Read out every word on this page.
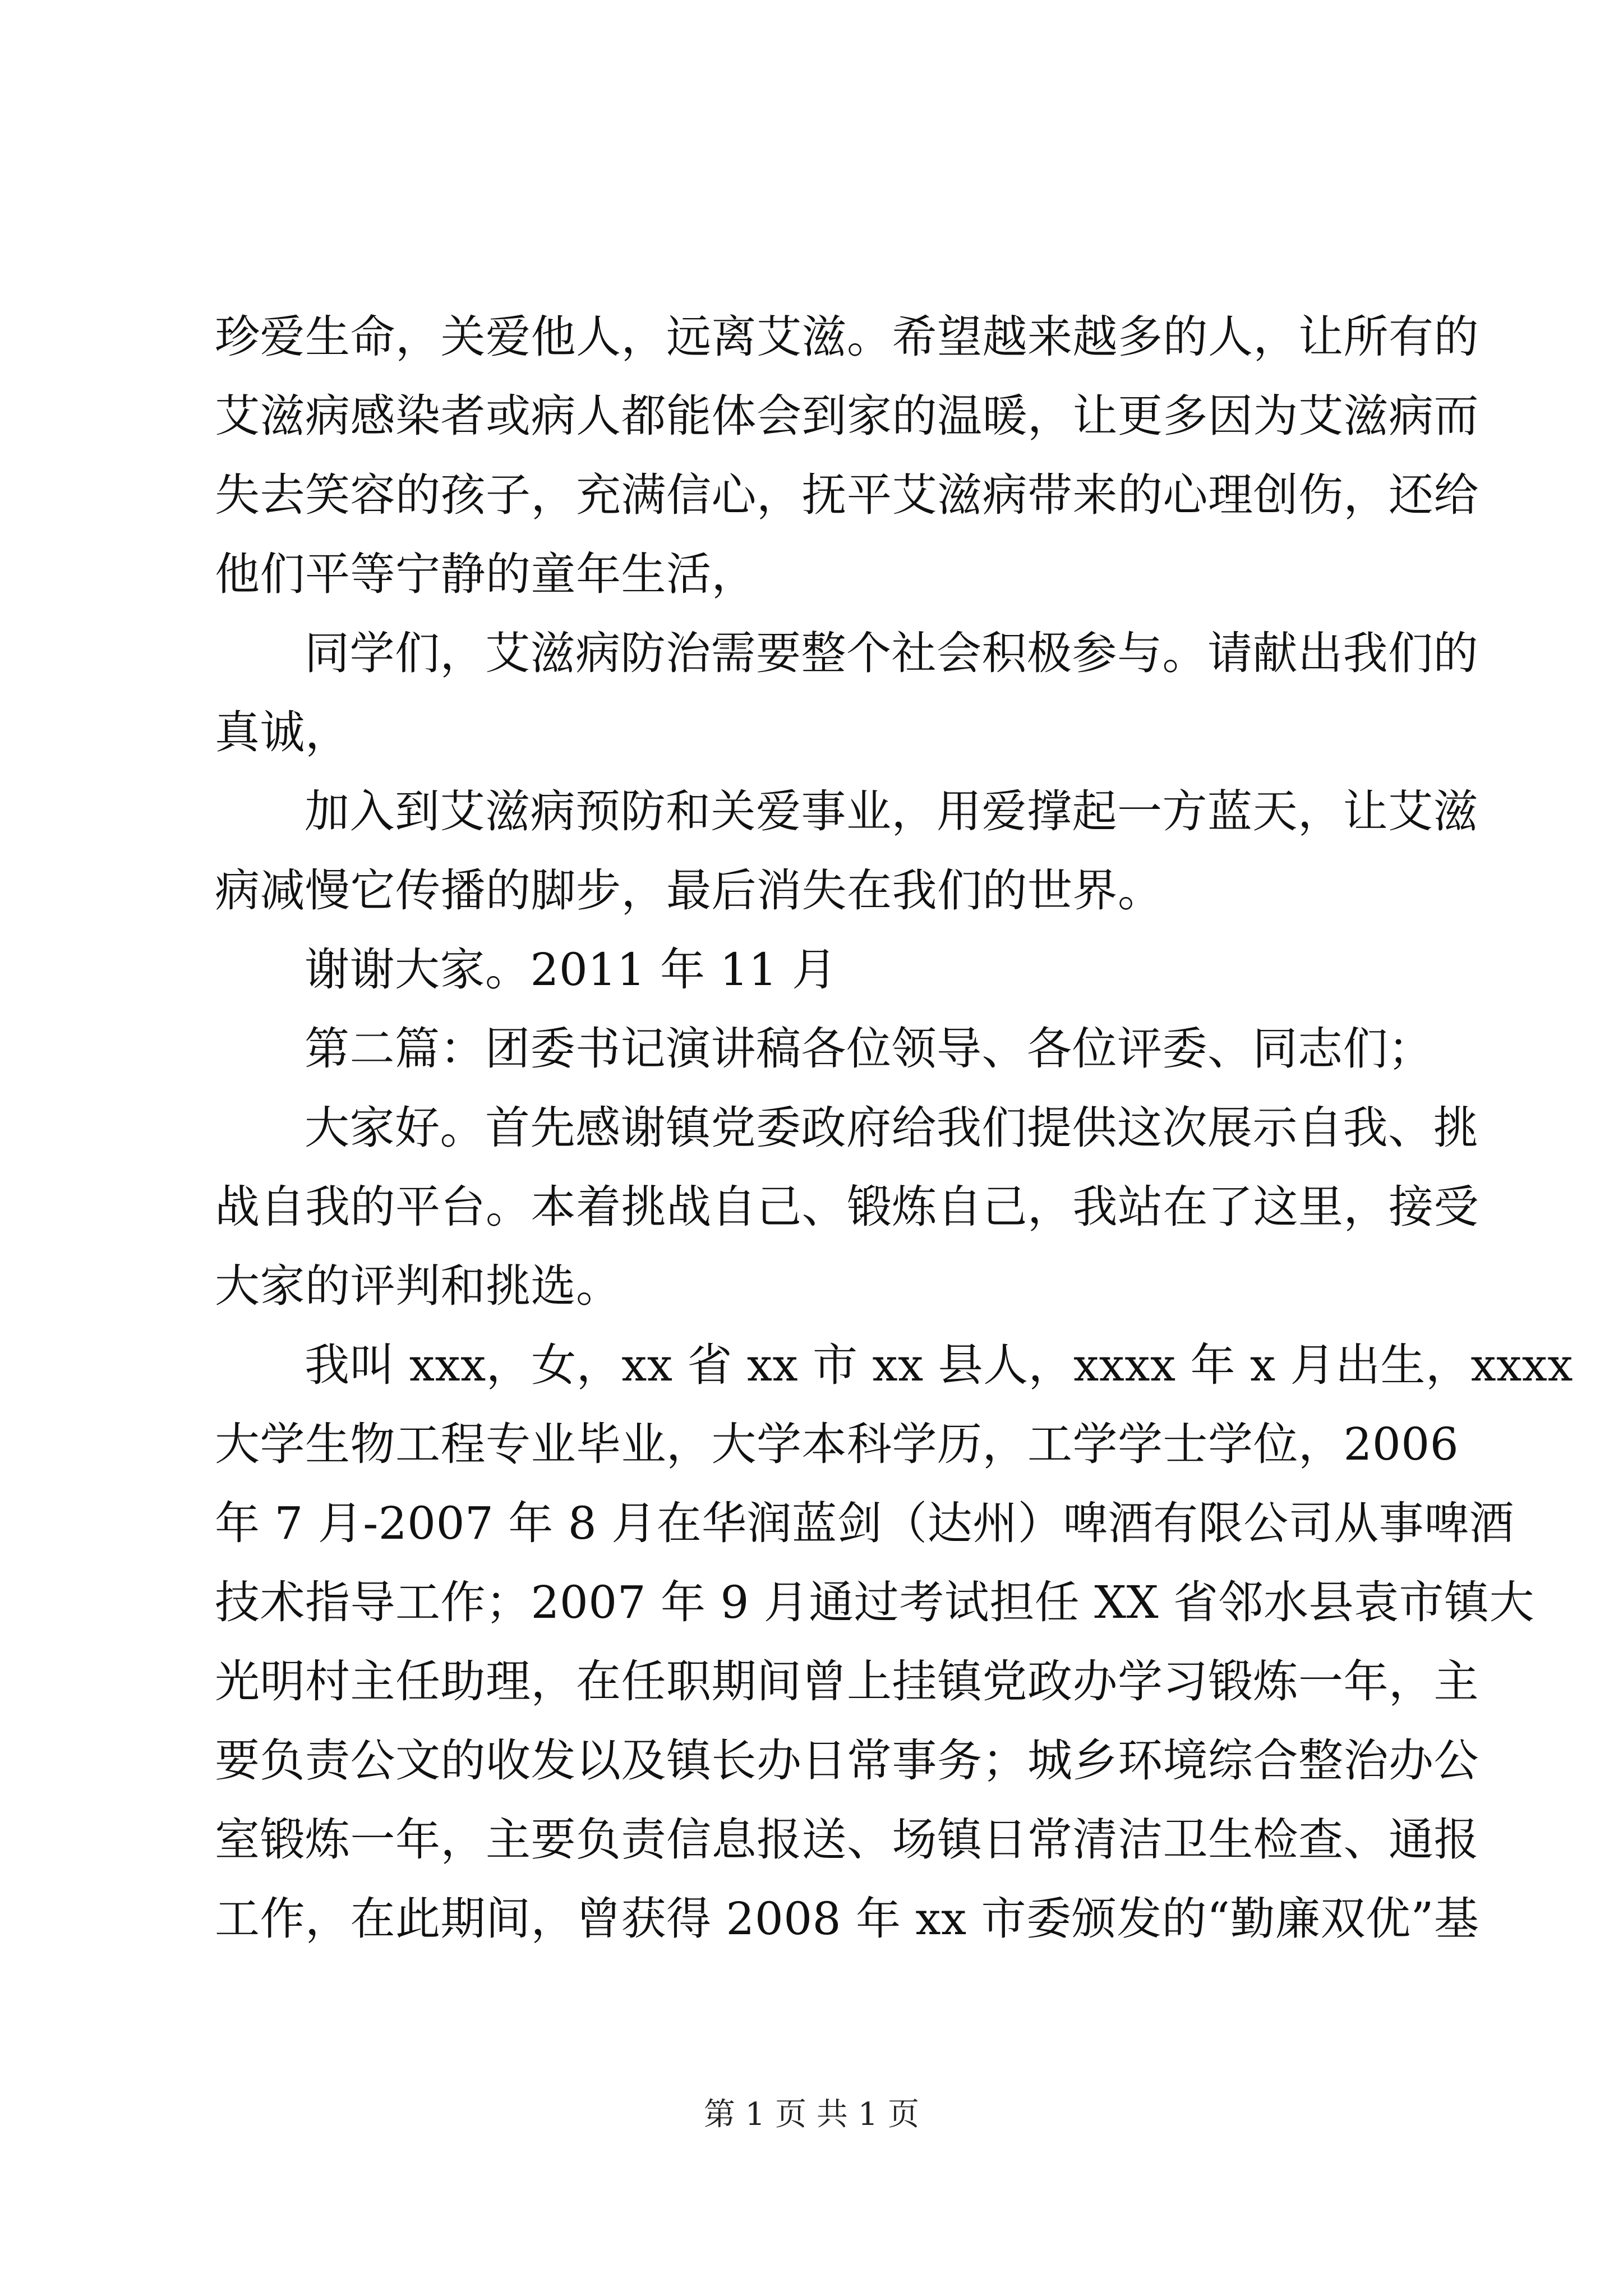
珍爱生命，关爱他人，远离艾滋。希望越来越多的人，让所有的
艾滋病感染者或病人都能体会到家的温暖，让更多因为艾滋病而
失去笑容的孩子，充满信心，抚平艾滋病带来的心理创伤，还给
他们平等宁静的童年生活，
同学们，艾滋病防治需要整个社会积极参与。请献出我们的
真诚，
加入到艾滋病预防和关爱事业，用爱撑起一方蓝天，让艾滋
病减慢它传播的脚步，最后消失在我们的世界。
谢谢大家。2011 年 11 月
第二篇：团委书记演讲稿各位领导、各位评委、同志们；
大家好。首先感谢镇党委政府给我们提供这次展示自我、挑
战自我的平台。本着挑战自己、锻炼自己，我站在了这里，接受
大家的评判和挑选。
我叫 xxx，女，xx 省 xx 市 xx 县人，xxxx 年 x 月出生，xxxx
大学生物工程专业毕业，大学本科学历，工学学士学位，2006
年 7 月-2007 年 8 月在华润蓝剑（达州）啤酒有限公司从事啤酒
技术指导工作；2007 年 9 月通过考试担任 XX 省邻水县袁市镇大
光明村主任助理，在任职期间曾上挂镇党政办学习锻炼一年，主
要负责公文的收发以及镇长办日常事务；城乡环境综合整治办公
室锻炼一年，主要负责信息报送、场镇日常清洁卫生检查、通报
工作，在此期间，曾获得 2008 年 xx 市委颁发的“勤廉双优”基
第 1 页 共 1 页
